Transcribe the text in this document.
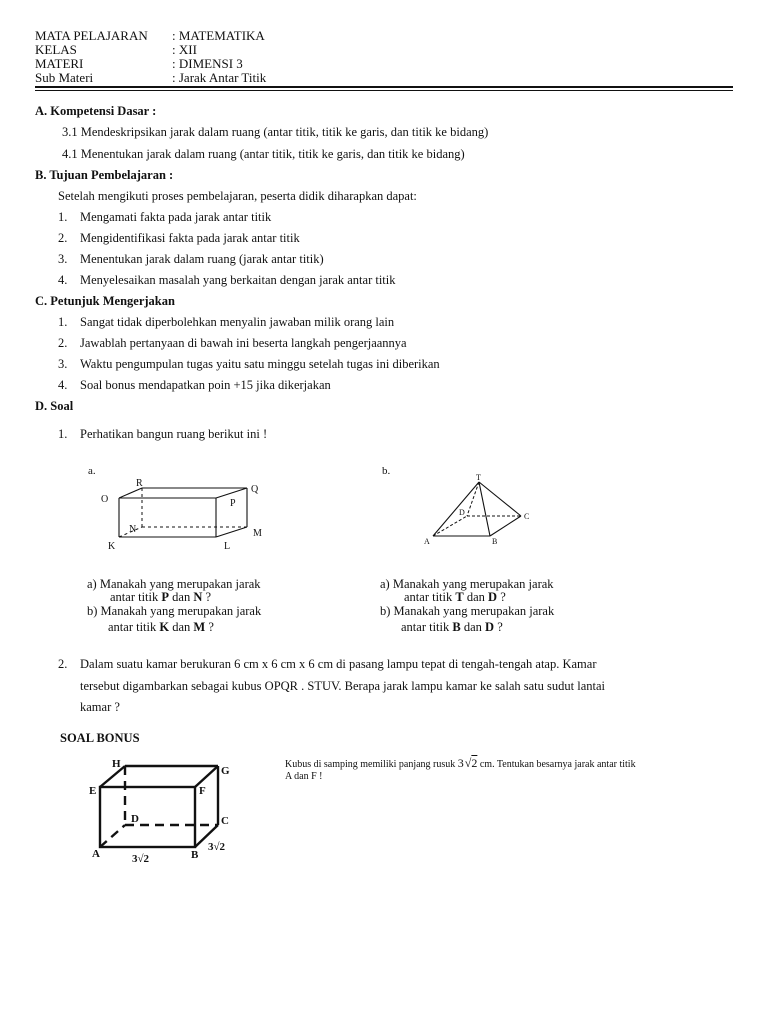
MATA PELAJARAN : MATEMATIKA
KELAS	: XII
MATERI	: DIMENSI 3
Sub Materi	: Jarak Antar Titik
A. Kompetensi Dasar :
3.1 Mendeskripsikan jarak dalam ruang (antar titik, titik ke garis, dan titik ke bidang)
4.1 Menentukan jarak dalam ruang (antar titik, titik ke garis, dan titik ke bidang)
B. Tujuan Pembelajaran :
Setelah mengikuti proses pembelajaran, peserta didik diharapkan dapat:
1. Mengamati fakta pada jarak antar titik
2. Mengidentifikasi fakta pada jarak antar titik
3. Menentukan jarak dalam ruang (jarak antar titik)
4. Menyelesaikan masalah yang berkaitan dengan jarak antar titik
C. Petunjuk Mengerjakan
1. Sangat tidak diperbolehkan menyalin jawaban milik orang lain
2. Jawablah pertanyaan di bawah ini beserta langkah pengerjaannya
3. Waktu pengumpulan tugas yaitu satu minggu setelah tugas ini diberikan
4. Soal bonus mendapatkan poin +15 jika dikerjakan
D. Soal
1. Perhatikan bangun ruang berikut ini !
a.
R
Q
O	P
N	M
K	L
b.
T
D	C
A	B
a) Manakah yang merupakan jarak
antar titik P dan N ?
b) Manakah yang merupakan jarak
antar titik K dan M ?
a) Manakah yang merupakan jarak
antar titik T dan D ?
b) Manakah yang merupakan jarak
antar titik B dan D ?
2. Dalam suatu kamar berukuran 6 cm x 6 cm x 6 cm di pasang lampu tepat di tengah-tengah atap. Kamar
tersebut digambarkan sebagai kubus OPQR . STUV. Berapa jarak lampu kamar ke salah satu sudut lantai
kamar ?
SOAL BONUS
H
G
E	F
D	C
A	B
3√2
3√2
Kubus di samping memiliki panjang rusuk 3 √2 cm. Tentukan besarnya jarak antar titik
A dan F !
